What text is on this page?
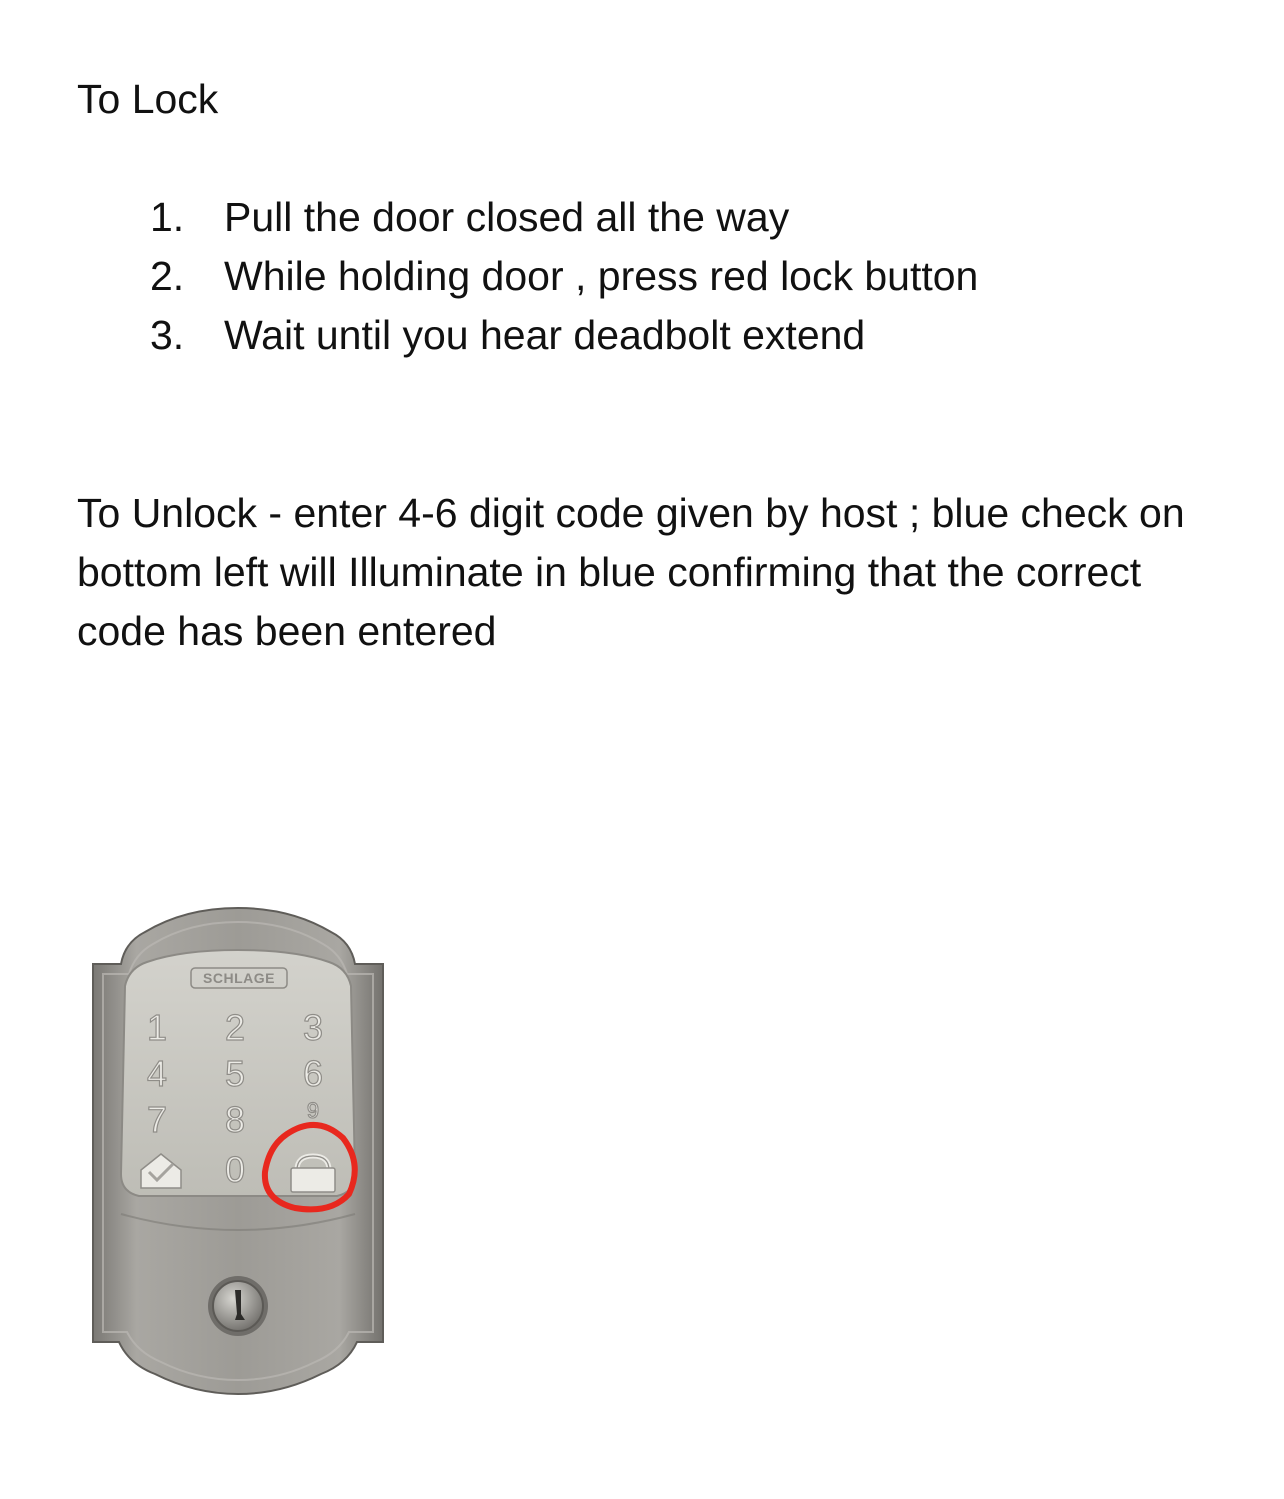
To Lock
1. Pull the door closed all the way
2. While holding door , press red lock button
3. Wait until you hear deadbolt extend

To Unlock - enter 4-6 digit code given by host ; blue check on bottom left will Illuminate in blue confirming that the correct code has been entered

SCHLAGE
1 2 3
4 5 6
7 8	9
0
